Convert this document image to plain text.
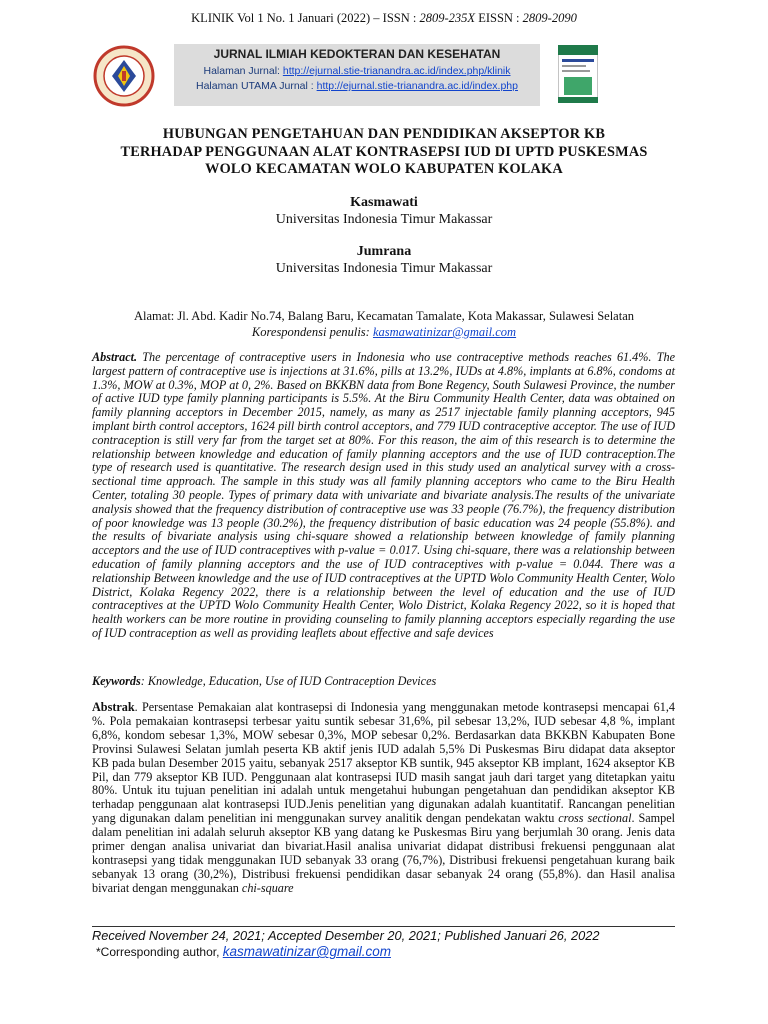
KLINIK Vol 1 No. 1 Januari (2022) – ISSN : 2809-235X EISSN : 2809-2090
JURNAL ILMIAH KEDOKTERAN DAN KESEHATAN
Halaman Jurnal: http://ejurnal.stie-trianandra.ac.id/index.php/klinik
Halaman UTAMA Jurnal : http://ejurnal.stie-trianandra.ac.id/index.php
HUBUNGAN PENGETAHUAN DAN PENDIDIKAN AKSEPTOR KB
TERHADAP PENGGUNAAN ALAT KONTRASEPSI IUD DI UPTD PUSKESMAS
WOLO KECAMATAN WOLO KABUPATEN KOLAKA
Kasmawati
Universitas Indonesia Timur Makassar
Jumrana
Universitas Indonesia Timur Makassar
Alamat: Jl. Abd. Kadir No.74, Balang Baru, Kecamatan Tamalate, Kota Makassar, Sulawesi Selatan
Korespondensi penulis: kasmawatinizar@gmail.com
Abstract. The percentage of contraceptive users in Indonesia who use contraceptive methods reaches 61.4%. The largest pattern of contraceptive use is injections at 31.6%, pills at 13.2%, IUDs at 4.8%, implants at 6.8%, condoms at 1.3%, MOW at 0.3%, MOP at 0, 2%. Based on BKKBN data from Bone Regency, South Sulawesi Province, the number of active IUD type family planning participants is 5.5%. At the Biru Community Health Center, data was obtained on family planning acceptors in December 2015, namely, as many as 2517 injectable family planning acceptors, 945 implant birth control acceptors, 1624 pill birth control acceptors, and 779 IUD contraceptive acceptor. The use of IUD contraception is still very far from the target set at 80%. For this reason, the aim of this research is to determine the relationship between knowledge and education of family planning acceptors and the use of IUD contraception.The type of research used is quantitative. The research design used in this study used an analytical survey with a cross-sectional time approach. The sample in this study was all family planning acceptors who came to the Biru Health Center, totaling 30 people. Types of primary data with univariate and bivariate analysis.The results of the univariate analysis showed that the frequency distribution of contraceptive use was 33 people (76.7%), the frequency distribution of poor knowledge was 13 people (30.2%), the frequency distribution of basic education was 24 people (55.8%). and the results of bivariate analysis using chi-square showed a relationship between knowledge of family planning acceptors and the use of IUD contraceptives with p-value = 0.017. Using chi-square, there was a relationship between education of family planning acceptors and the use of IUD contraceptives with p-value = 0.044. There was a relationship Between knowledge and the use of IUD contraceptives at the UPTD Wolo Community Health Center, Wolo District, Kolaka Regency 2022, there is a relationship between the level of education and the use of IUD contraceptives at the UPTD Wolo Community Health Center, Wolo District, Kolaka Regency 2022, so it is hoped that health workers can be more routine in providing counseling to family planning acceptors especially regarding the use of IUD contraception as well as providing leaflets about effective and safe devices
Keywords: Knowledge, Education, Use of IUD Contraception Devices
Abstrak. Persentase Pemakaian alat kontrasepsi di Indonesia yang menggunakan metode kontrasepsi mencapai 61,4 %. Pola pemakaian kontrasepsi terbesar yaitu suntik sebesar 31,6%, pil sebesar 13,2%, IUD sebesar 4,8 %, implant 6,8%, kondom sebesar 1,3%, MOW sebesar 0,3%, MOP sebesar 0,2%. Berdasarkan data BKKBN Kabupaten Bone Provinsi Sulawesi Selatan jumlah peserta KB aktif jenis IUD adalah 5,5% Di Puskesmas Biru didapat data akseptor KB pada bulan Desember 2015 yaitu, sebanyak 2517 akseptor KB suntik, 945 akseptor KB implant, 1624 akseptor KB Pil, dan 779 akseptor KB IUD. Penggunaan alat kontrasepsi IUD masih sangat jauh dari target yang ditetapkan yaitu 80%. Untuk itu tujuan penelitian ini adalah untuk mengetahui hubungan pengetahuan dan pendidikan akseptor KB terhadap penggunaan alat kontrasepsi IUD.Jenis penelitian yang digunakan adalah kuantitatif. Rancangan penelitian yang digunakan dalam penelitian ini menggunakan survey analitik dengan pendekatan waktu cross sectional. Sampel dalam penelitian ini adalah seluruh akseptor KB yang datang ke Puskesmas Biru yang berjumlah 30 orang. Jenis data primer dengan analisa univariat dan bivariat.Hasil analisa univariat didapat distribusi frekuensi penggunaan alat kontrasepsi yang tidak menggunakan IUD sebanyak 33 orang (76,7%), Distribusi frekuensi pengetahuan kurang baik sebanyak 13 orang (30,2%), Distribusi frekuensi pendidikan dasar sebanyak 24 orang (55,8%). dan Hasil analisa bivariat dengan menggunakan chi-square
Received November 24, 2021; Accepted Desember 20, 2021; Published Januari 26, 2022
*Corresponding author, kasmawatinizar@gmail.com
